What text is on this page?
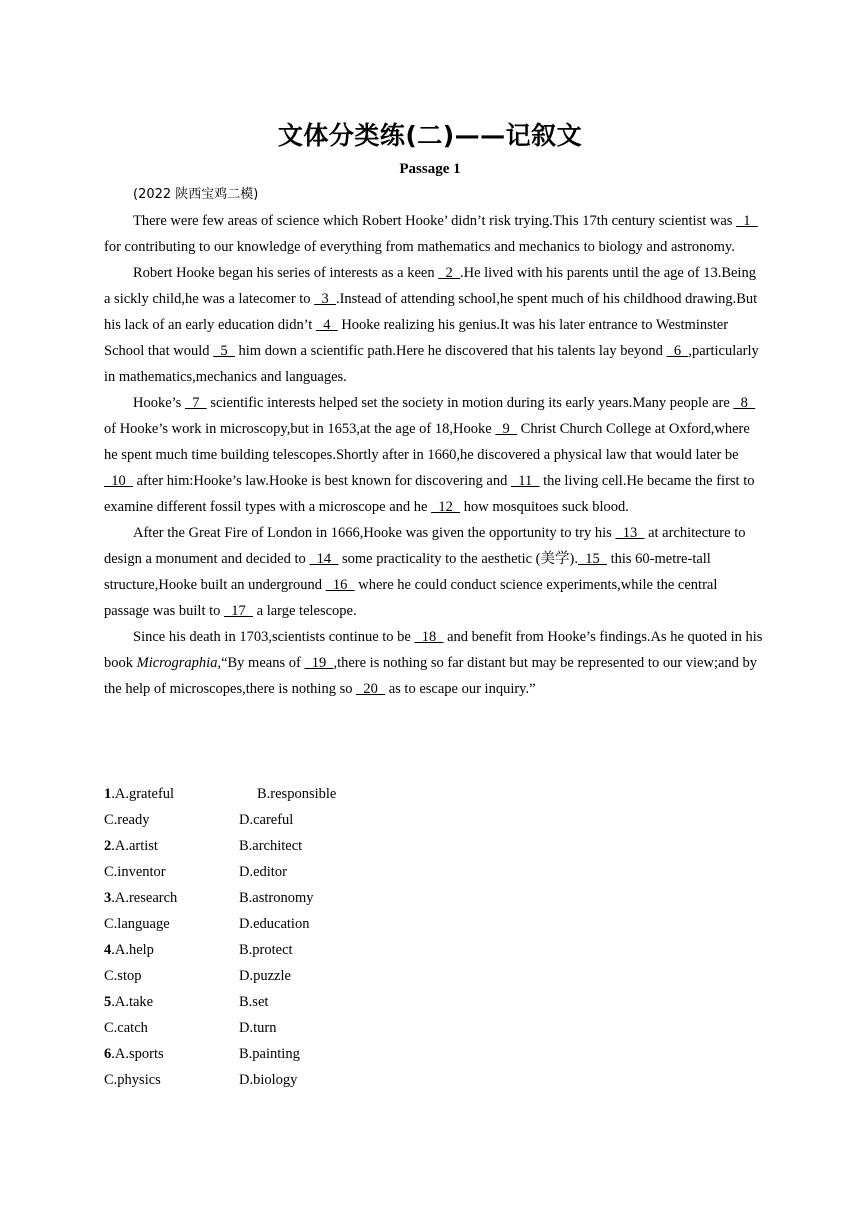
文体分类练(二)——记叙文
Passage 1

(2022 陕西宝鸡二模)

There were few areas of science which Robert Hooke’ didn’t risk trying.This 17th century scientist was   1   for contributing to our knowledge of everything from mathematics and mechanics to biology and astronomy.

Robert Hooke began his series of interests as a keen   2  .He lived with his parents until the age of 13.Being a sickly child,he was a latecomer to   3  .Instead of attending school,he spent much of his childhood drawing.But his lack of an early education didn’t   4   Hooke realizing his genius.It was his later entrance to Westminster School that would   5   him down a scientific path.Here he discovered that his talents lay beyond   6  ,particularly in mathematics,mechanics and languages.

Hooke’s   7   scientific interests helped set the society in motion during its early years.Many people are   8   of Hooke’s work in microscopy,but in 1653,at the age of 18,Hooke   9   Christ Church College at Oxford,where he spent much time building telescopes.Shortly after in 1660,he discovered a physical law that would later be   10   after him:Hooke’s law.Hooke is best known for discovering and   11   the living cell.He became the first to examine different fossil types with a microscope and he   12   how mosquitoes suck blood.

After the Great Fire of London in 1666,Hooke was given the opportunity to try his   13   at architecture to design a monument and decided to   14   some practicality to the aesthetic (美学).  15   this 60-metre-tall structure,Hooke built an underground   16   where he could conduct science experiments,while the central passage was built to   17   a large telescope.

Since his death in 1703,scientists continue to be   18   and benefit from Hooke’s findings.As he quoted in his book Micrographia,“By means of   19  ,there is nothing so far distant but may be represented to our view;and by the help of microscopes,there is nothing so   20   as to escape our inquiry.”

1.A.grateful	B.responsible
C.ready	D.careful
2.A.artist	B.architect
C.inventor	D.editor
3.A.research	B.astronomy
C.language	D.education
4.A.help	B.protect
C.stop	D.puzzle
5.A.take	B.set
C.catch	D.turn
6.A.sports	B.painting
C.physics	D.biology
